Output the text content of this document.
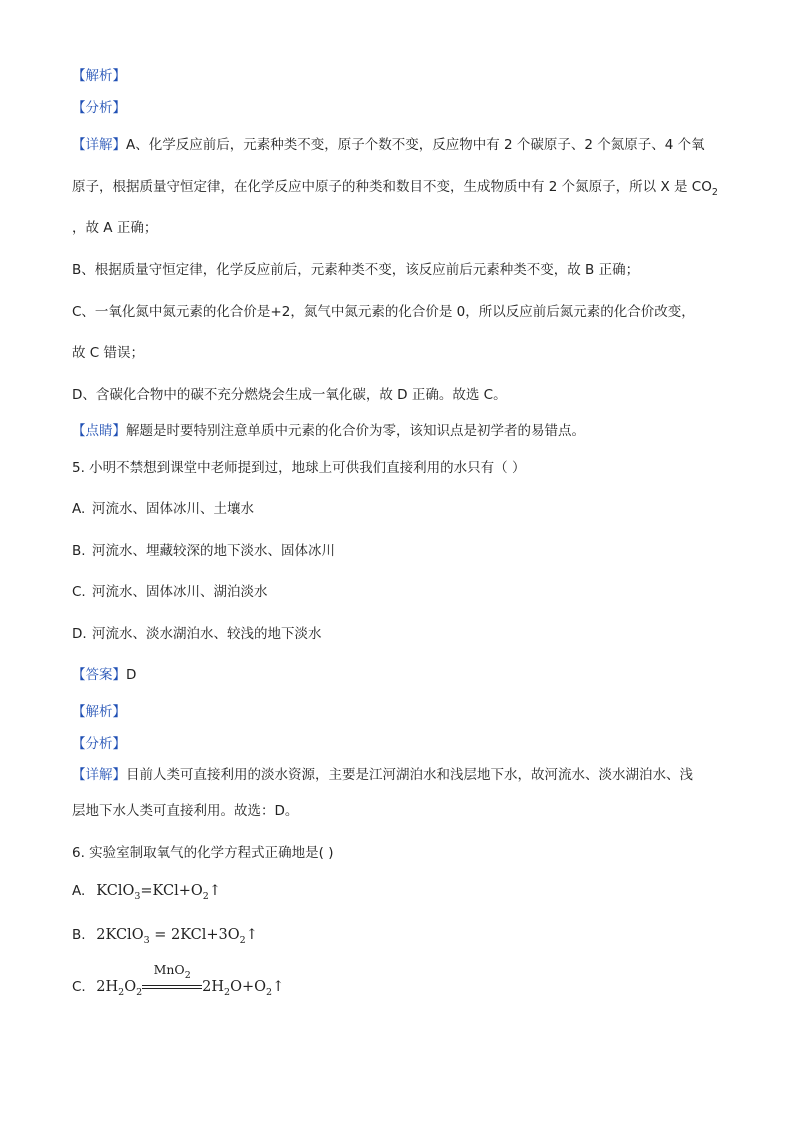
【解析】
【分析】
【详解】A、化学反应前后，元素种类不变，原子个数不变，反应物中有 2 个碳原子、2 个氮原子、4 个氧
原子，根据质量守恒定律，在化学反应中原子的种类和数目不变，生成物质中有 2 个氮原子，所以 X 是 $CO_2$
，故 A 正确；
B、根据质量守恒定律，化学反应前后，元素种类不变，该反应前后元素种类不变，故 B 正确；
C、一氧化氮中氮元素的化合价是+2，氮气中氮元素的化合价是 0，所以反应前后氮元素的化合价改变，
故 C 错误；
D、含碳化合物中的碳不充分燃烧会生成一氧化碳，故 D 正确。故选 C。
【点睛】解题是时要特别注意单质中元素的化合价为零，该知识点是初学者的易错点。
5. 小明不禁想到课堂中老师提到过，地球上可供我们直接利用的水只有（ ）
A. 河流水、固体冰川、土壤水
B. 河流水、埋藏较深的地下淡水、固体冰川
C. 河流水、固体冰川、湖泊淡水
D. 河流水、淡水湖泊水、较浅的地下淡水
【答案】D
【解析】
【分析】
【详解】目前人类可直接利用的淡水资源，主要是江河湖泊水和浅层地下水，故河流水、淡水湖泊水、浅
层地下水人类可直接利用。故选：D。
6. 实验室制取氧气的化学方程式正确地是( )
A. $KClO_3=KCl+O_2↑$
B. 2KClO$_3$ = $2KCl+3O_2↑$
C. $2H_2O_2$
MnO$_2$
$2H_2O+O_2↑$
